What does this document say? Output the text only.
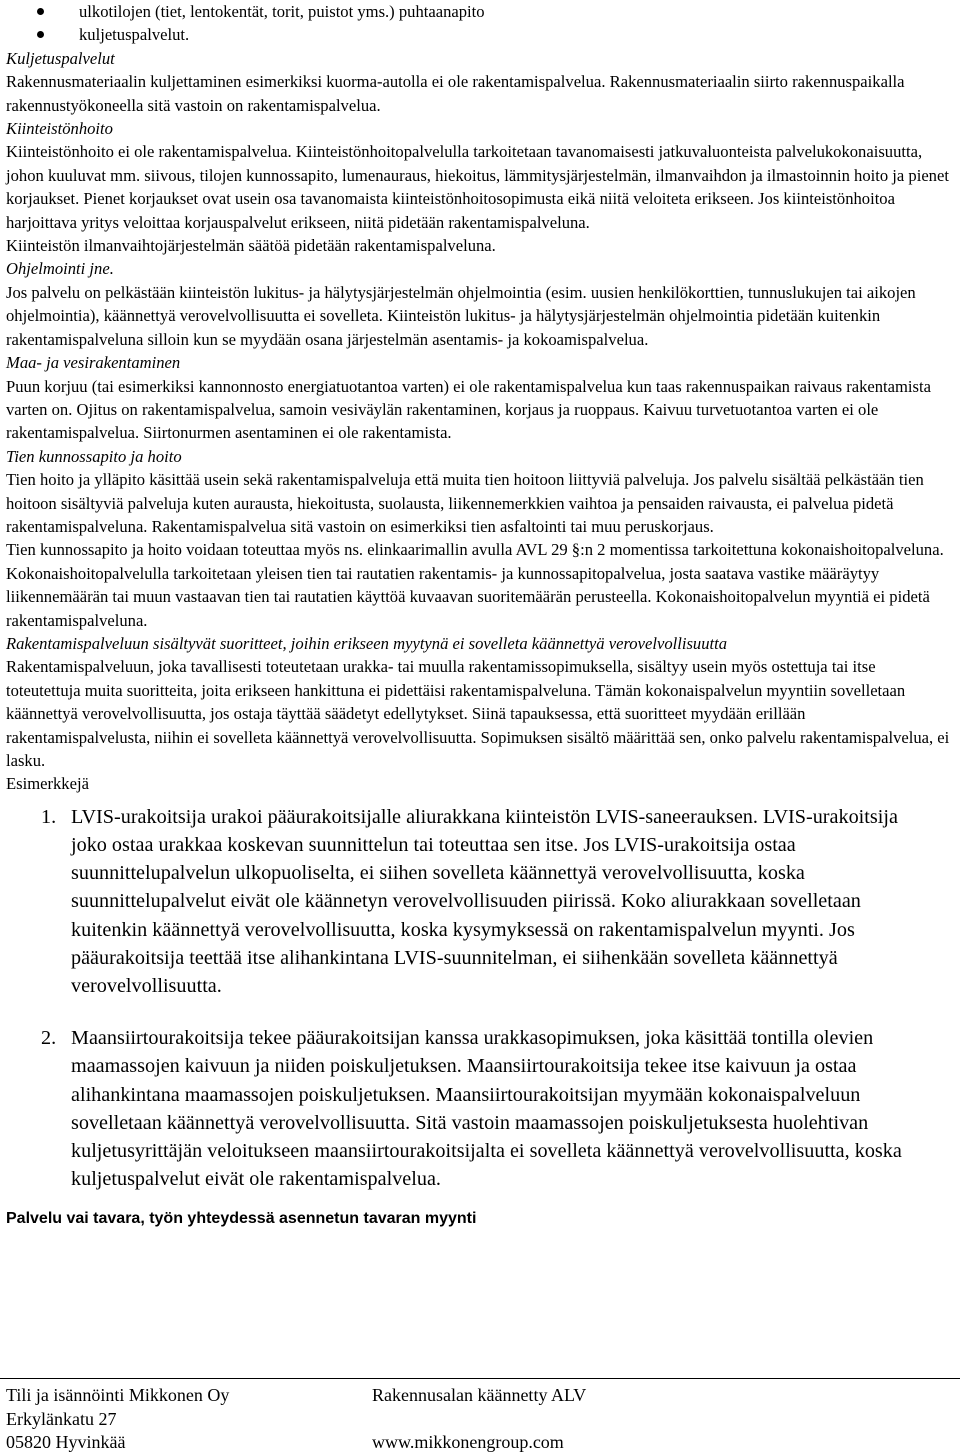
ulkotilojen (tiet, lentokentät, torit, puistot yms.) puhtaanapito
kuljetuspalvelut.

Kuljetuspalvelut

Rakennusmateriaalin kuljettaminen esimerkiksi kuorma-autolla ei ole rakentamispalvelua. Rakennusmateriaalin siirto rakennuspaikalla rakennustyökoneella sitä vastoin on rakentamispalvelua.

Kiinteistönhoito

Kiinteistönhoito ei ole rakentamispalvelua. Kiinteistönhoitopalvelulla tarkoitetaan tavanomaisesti jatkuvaluonteista palvelukokonaisuutta, johon kuuluvat mm. siivous, tilojen kunnossapito, lumenauraus, hiekoitus, lämmitysjärjestelmän, ilmanvaihdon ja ilmastoinnin hoito ja pienet korjaukset. Pienet korjaukset ovat usein osa tavanomaista kiinteistönhoitosopimusta eikä niitä veloiteta erikseen. Jos kiinteistönhoitoa harjoittava yritys veloittaa korjauspalvelut erikseen, niitä pidetään rakentamispalveluna.

Kiinteistön ilmanvaihtojärjestelmän säätöä pidetään rakentamispalveluna.

Ohjelmointi jne.

Jos palvelu on pelkästään kiinteistön lukitus- ja hälytysjärjestelmän ohjelmointia (esim. uusien henkilökorttien, tunnuslukujen tai aikojen ohjelmointia), käännettyä verovelvollisuutta ei sovelleta. Kiinteistön lukitus- ja hälytysjärjestelmän ohjelmointia pidetään kuitenkin rakentamispalveluna silloin kun se myydään osana järjestelmän asentamis- ja kokoamispalvelua.

Maa- ja vesirakentaminen

Puun korjuu (tai esimerkiksi kannonnosto energiatuotantoa varten) ei ole rakentamispalvelua kun taas rakennuspaikan raivaus rakentamista varten on. Ojitus on rakentamispalvelua, samoin vesiväylän rakentaminen, korjaus ja ruoppaus. Kaivuu turvetuotantoa varten ei ole rakentamispalvelua. Siirtonurmen asentaminen ei ole rakentamista.

Tien kunnossapito ja hoito

Tien hoito ja ylläpito käsittää usein sekä rakentamispalveluja että muita tien hoitoon liittyviä palveluja. Jos palvelu sisältää pelkästään tien hoitoon sisältyviä palveluja kuten aurausta, hiekoitusta, suolausta, liikennemerkkien vaihtoa ja pensaiden raivausta, ei palvelua pidetä rakentamispalveluna. Rakentamispalvelua sitä vastoin on esimerkiksi tien asfaltointi tai muu peruskorjaus.

Tien kunnossapito ja hoito voidaan toteuttaa myös ns. elinkaarimallin avulla AVL 29 §:n 2 momentissa tarkoitettuna kokonaishoitopalveluna. Kokonaishoitopalvelulla tarkoitetaan yleisen tien tai rautatien rakentamis- ja kunnossapitopalvelua, josta saatava vastike määräytyy liikennemäärän tai muun vastaavan tien tai rautatien käyttöä kuvaavan suoritemäärän perusteella. Kokonaishoitopalvelun myyntiä ei pidetä rakentamispalveluna.

Rakentamispalveluun sisältyvät suoritteet, joihin erikseen myytynä ei sovelleta käännettyä verovelvollisuutta

Rakentamispalveluun, joka tavallisesti toteutetaan urakka- tai muulla rakentamissopimuksella, sisältyy usein myös ostettuja tai itse toteutettuja muita suoritteita, joita erikseen hankittuna ei pidettäisi rakentamispalveluna. Tämän kokonaispalvelun myyntiin sovelletaan käännettyä verovelvollisuutta, jos ostaja täyttää säädetyt edellytykset. Siinä tapauksessa, että suoritteet myydään erillään rakentamispalvelusta, niihin ei sovelleta käännettyä verovelvollisuutta. Sopimuksen sisältö määrittää sen, onko palvelu rakentamispalvelua, ei lasku.

Esimerkkejä

1. LVIS-urakoitsija urakoi pääurakoitsijalle aliurakkana kiinteistön LVIS-saneerauksen. LVIS-urakoitsija joko ostaa urakkaa koskevan suunnittelun tai toteuttaa sen itse. Jos LVIS-urakoitsija ostaa suunnittelupalvelun ulkopuoliselta, ei siihen sovelleta käännettyä verovelvollisuutta, koska suunnittelupalvelut eivät ole käännetyn verovelvollisuuden piirissä. Koko aliurakkaan sovelletaan kuitenkin käännettyä verovelvollisuutta, koska kysymyksessä on rakentamispalvelun myynti. Jos pääurakoitsija teettää itse alihankintana LVIS-suunnitelman, ei siihenkään sovelleta käännettyä verovelvollisuutta.
2. Maansiirtourakoitsija tekee pääurakoitsijan kanssa urakkasopimuksen, joka käsittää tontilla olevien maamassojen kaivuun ja niiden poiskuljetuksen. Maansiirtourakoitsija tekee itse kaivuun ja ostaa alihankintana maamassojen poiskuljetuksen. Maansiirtourakoitsijan myymään kokonaispalveluun sovelletaan käännettyä verovelvollisuutta. Sitä vastoin maamassojen poiskuljetuksesta huolehtivan kuljetusyrittäjän veloitukseen maansiirtourakoitsijalta ei sovelleta käännettyä verovelvollisuutta, koska kuljetuspalvelut eivät ole rakentamispalvelua.

Palvelu vai tavara, työn yhteydessä asennetun tavaran myynti

Tili ja isännöinti Mikkonen Oy
Erkylänkatu 27
05820 Hyvinkää
Rakennusalan käännetty ALV
www.mikkonengroup.com
